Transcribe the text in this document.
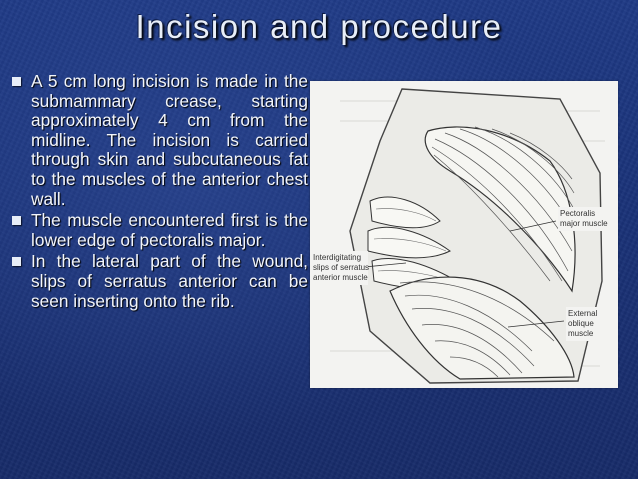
Incision and procedure
A 5 cm long incision is made in the submammary crease, starting approximately 4 cm from the midline. The incision is carried through skin and subcutaneous fat to the muscles of the anterior chest wall.
The muscle encountered first is the lower edge of pectoralis major.
In the lateral part of the wound, slips of serratus anterior can be seen inserting onto the rib.
Pectoralis
major muscle
Interdigitating
slips of serratus
anterior muscle
External
oblique
muscle
